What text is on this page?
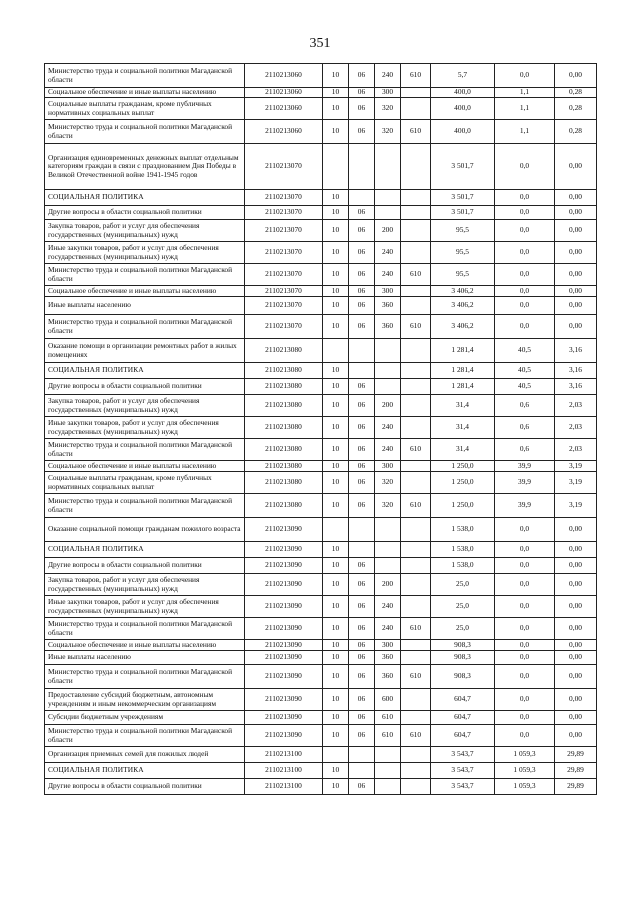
351
Министерство труда и социальной политики Магаданской области	2110213060	10	06	240	610	5,7	0,0	0,00
Социальное обеспечение и иные выплаты населению	2110213060	10	06	300		400,0	1,1	0,28
Социальные выплаты гражданам, кроме публичных нормативных социальных выплат	2110213060	10	06	320		400,0	1,1	0,28
Министерство труда и социальной политики Магаданской области	2110213060	10	06	320	610	400,0	1,1	0,28
Организация единовременных денежных выплат отдельным категориям граждан в связи с празднованием Дня Победы в Великой Отечественной войне 1941-1945 годов	2110213070					3 501,7	0,0	0,00
СОЦИАЛЬНАЯ ПОЛИТИКА	2110213070	10				3 501,7	0,0	0,00
Другие вопросы в области социальной политики	2110213070	10	06			3 501,7	0,0	0,00
Закупка товаров, работ и услуг для обеспечения государственных (муниципальных) нужд	2110213070	10	06	200		95,5	0,0	0,00
Иные закупки товаров, работ и услуг для обеспечения государственных (муниципальных) нужд	2110213070	10	06	240		95,5	0,0	0,00
Министерство труда и социальной политики Магаданской области	2110213070	10	06	240	610	95,5	0,0	0,00
Социальное обеспечение и иные выплаты населению	2110213070	10	06	300		3 406,2	0,0	0,00
Иные выплаты населению	2110213070	10	06	360		3 406,2	0,0	0,00
Министерство труда и социальной политики Магаданской области	2110213070	10	06	360	610	3 406,2	0,0	0,00
Оказание помощи в организации ремонтных работ в жилых помещениях	2110213080					1 281,4	40,5	3,16
СОЦИАЛЬНАЯ ПОЛИТИКА	2110213080	10				1 281,4	40,5	3,16
Другие вопросы в области социальной политики	2110213080	10	06			1 281,4	40,5	3,16
Закупка товаров, работ и услуг для обеспечения государственных (муниципальных) нужд	2110213080	10	06	200		31,4	0,6	2,03
Иные закупки товаров, работ и услуг для обеспечения государственных (муниципальных) нужд	2110213080	10	06	240		31,4	0,6	2,03
Министерство труда и социальной политики Магаданской области	2110213080	10	06	240	610	31,4	0,6	2,03
Социальное обеспечение и иные выплаты населению	2110213080	10	06	300		1 250,0	39,9	3,19
Социальные выплаты гражданам, кроме публичных нормативных социальных выплат	2110213080	10	06	320		1 250,0	39,9	3,19
Министерство труда и социальной политики Магаданской области	2110213080	10	06	320	610	1 250,0	39,9	3,19
Оказание социальной помощи гражданам пожилого возраста	2110213090					1 538,0	0,0	0,00
СОЦИАЛЬНАЯ ПОЛИТИКА	2110213090	10				1 538,0	0,0	0,00
Другие вопросы в области социальной политики	2110213090	10	06			1 538,0	0,0	0,00
Закупка товаров, работ и услуг для обеспечения государственных (муниципальных) нужд	2110213090	10	06	200		25,0	0,0	0,00
Иные закупки товаров, работ и услуг для обеспечения государственных (муниципальных) нужд	2110213090	10	06	240		25,0	0,0	0,00
Министерство труда и социальной политики Магаданской области	2110213090	10	06	240	610	25,0	0,0	0,00
Социальное обеспечение и иные выплаты населению	2110213090	10	06	300		908,3	0,0	0,00
Иные выплаты населению	2110213090	10	06	360		908,3	0,0	0,00
Министерство труда и социальной политики Магаданской области	2110213090	10	06	360	610	908,3	0,0	0,00
Предоставление субсидий бюджетным, автономным учреждениям и иным некоммерческим организациям	2110213090	10	06	600		604,7	0,0	0,00
Субсидии бюджетным учреждениям	2110213090	10	06	610		604,7	0,0	0,00
Министерство труда и социальной политики Магаданской области	2110213090	10	06	610	610	604,7	0,0	0,00
Организация приемных семей для пожилых людей	2110213100					3 543,7	1 059,3	29,89
СОЦИАЛЬНАЯ ПОЛИТИКА	2110213100	10				3 543,7	1 059,3	29,89
Другие вопросы в области социальной политики	2110213100	10	06			3 543,7	1 059,3	29,89
